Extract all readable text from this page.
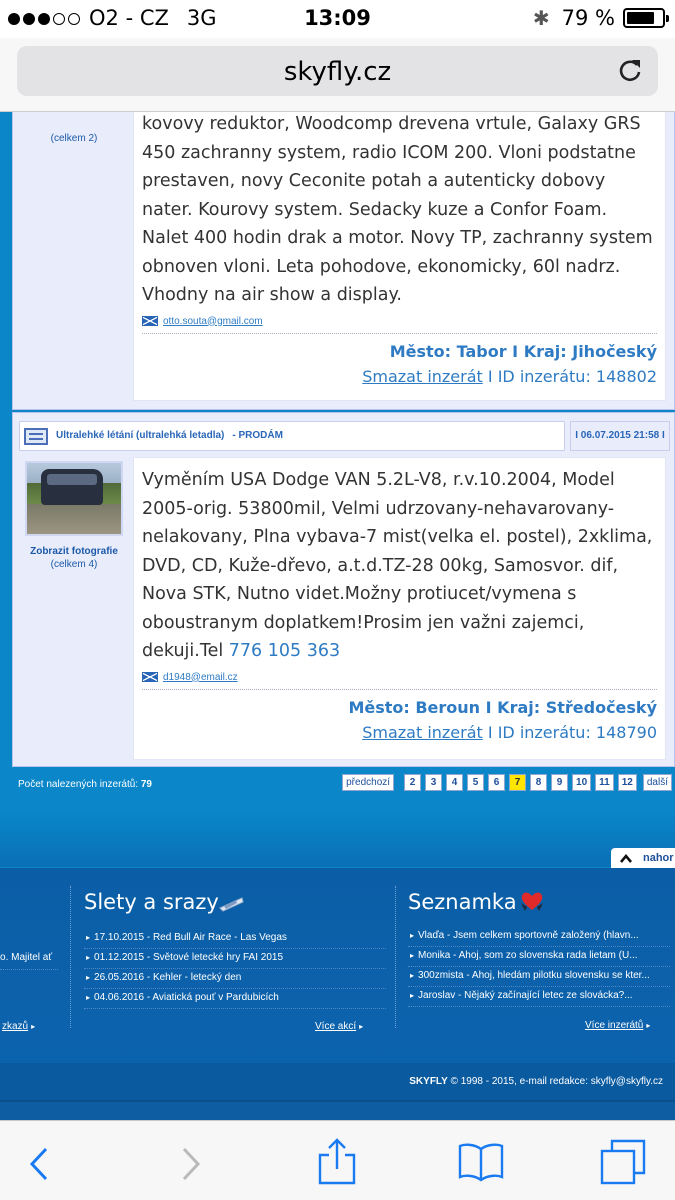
O2 - CZ 3G	13:09	✱ 79 %
skyfly.cz
(celkem 2)
kovovy reduktor, Woodcomp drevena vrtule, Galaxy GRS 450 zachranny system, radio ICOM 200. Vloni podstatne prestaven, novy Ceconite potah a autenticky dobovy nater. Kourovy system. Sedacky kuze a Confor Foam. Nalet 400 hodin drak a motor. Novy TP, zachranny system obnoven vloni. Leta pohodove, ekonomicky, 60l nadrz. Vhodny na air show a display.
otto.souta@gmail.com
Město: Tabor I Kraj: Jihočeský
Smazat inzerát I ID inzerátu: 148802
Ultralehké létání (ultralehká letadla) - PRODÁM	I 06.07.2015 21:58 I
Zobrazit fotografie
(celkem 4)
Vyměním USA Dodge VAN 5.2L-V8, r.v.10.2004, Model 2005-orig. 53800mil, Velmi udrzovany-nehavarovany-nelakovany, Plna vybava-7 mist(velka el. postel), 2xklima, DVD, CD, Kuže-dřevo, a.t.d.TZ-28 00kg, Samosvor. dif, Nova STK, Nutno videt.Možny protiucet/vymena s oboustranym doplatkem!Prosim jen važni zajemci, dekuji.Tel 776 105 363
d1948@email.cz
Město: Beroun I Kraj: Středočeský
Smazat inzerát I ID inzerátu: 148790
Počet nalezených inzerátů: 79	předchozí	2	3	4	5	6	7	8	9	10	11	12	další
nahor
▸ o. Majitel ať
zkazů ▸
Slety a srazy
▸ 17.10.2015 - Red Bull Air Race - Las Vegas
▸ 01.12.2015 - Světové letecké hry FAI 2015
▸ 26.05.2016 - Kehler - letecký den
▸ 04.06.2016 - Aviatická pouť v Pardubicích
Více akcí ▸
Seznamka
▸ Vlaďa - Jsem celkem sportovně založený (hlavn...
▸ Monika - Ahoj, som zo slovenska rada lietam (U...
▸ 300zmista - Ahoj, hledám pilotku slovensku se kter...
▸ Jaroslav - Nějaký začínající letec ze slovácka?...
Více inzerátů ▸
SKYFLY © 1998 - 2015, e-mail redakce: skyfly@skyfly.cz
